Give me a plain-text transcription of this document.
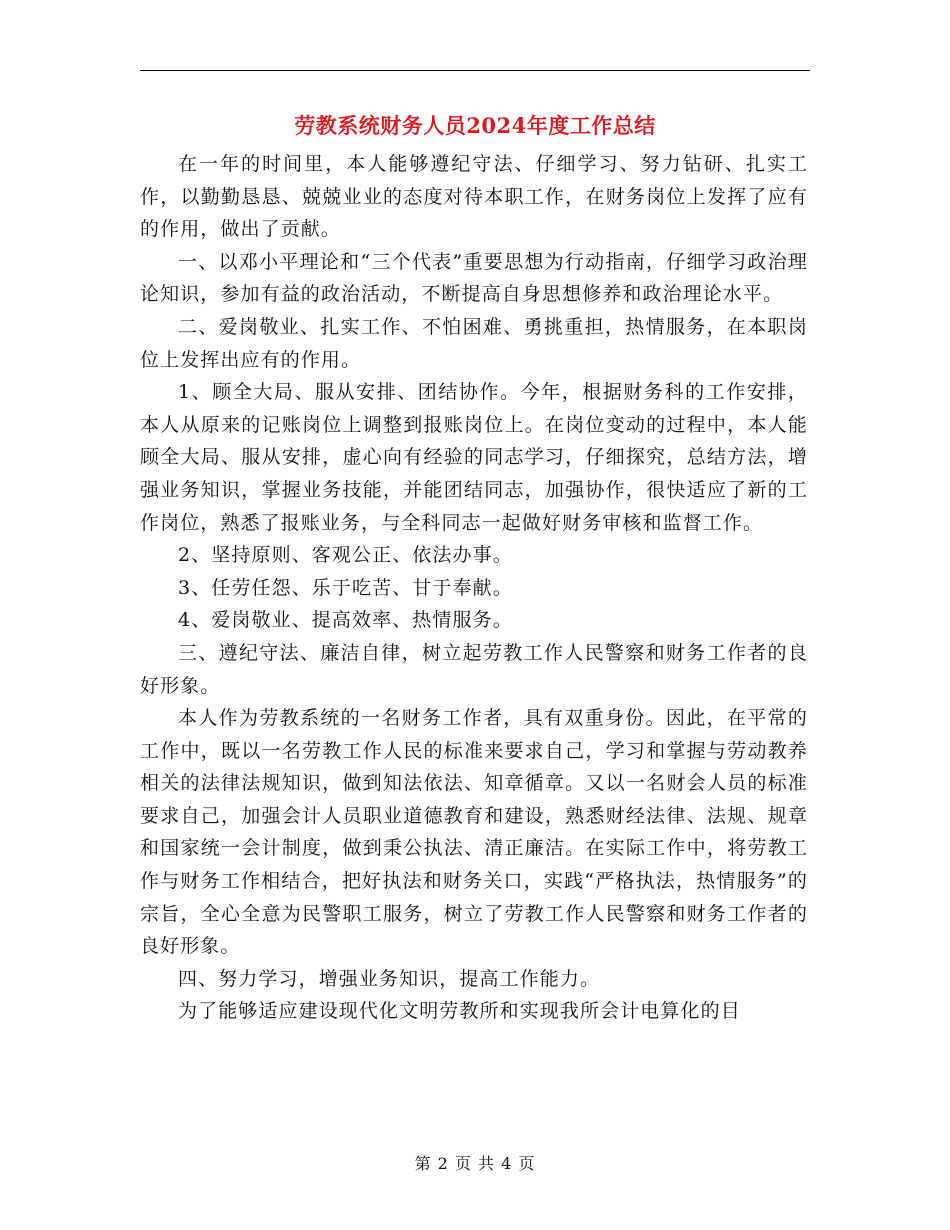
劳教系统财务人员2024年度工作总结

在一年的时间里，本人能够遵纪守法、仔细学习、努力钻研、扎实工作，以勤勤恳恳、兢兢业业的态度对待本职工作，在财务岗位上发挥了应有的作用，做出了贡献。

一、以邓小平理论和“三个代表”重要思想为行动指南，仔细学习政治理论知识，参加有益的政治活动，不断提高自身思想修养和政治理论水平。

二、爱岗敬业、扎实工作、不怕困难、勇挑重担，热情服务，在本职岗位上发挥出应有的作用。

1、顾全大局、服从安排、团结协作。今年，根据财务科的工作安排，本人从原来的记账岗位上调整到报账岗位上。在岗位变动的过程中，本人能顾全大局、服从安排，虚心向有经验的同志学习，仔细探究，总结方法，增强业务知识，掌握业务技能，并能团结同志，加强协作，很快适应了新的工作岗位，熟悉了报账业务，与全科同志一起做好财务审核和监督工作。

2、坚持原则、客观公正、依法办事。

3、任劳任怨、乐于吃苦、甘于奉献。

4、爱岗敬业、提高效率、热情服务。

三、遵纪守法、廉洁自律，树立起劳教工作人民警察和财务工作者的良好形象。

本人作为劳教系统的一名财务工作者，具有双重身份。因此，在平常的工作中，既以一名劳教工作人民的标准来要求自己，学习和掌握与劳动教养相关的法律法规知识，做到知法依法、知章循章。又以一名财会人员的标准要求自己，加强会计人员职业道德教育和建设，熟悉财经法律、法规、规章和国家统一会计制度，做到秉公执法、清正廉洁。在实际工作中，将劳教工作与财务工作相结合，把好执法和财务关口，实践“严格执法，热情服务”的宗旨，全心全意为民警职工服务，树立了劳教工作人民警察和财务工作者的良好形象。

四、努力学习，增强业务知识，提高工作能力。

为了能够适应建设现代化文明劳教所和实现我所会计电算化的目

第 2 页 共 4 页
